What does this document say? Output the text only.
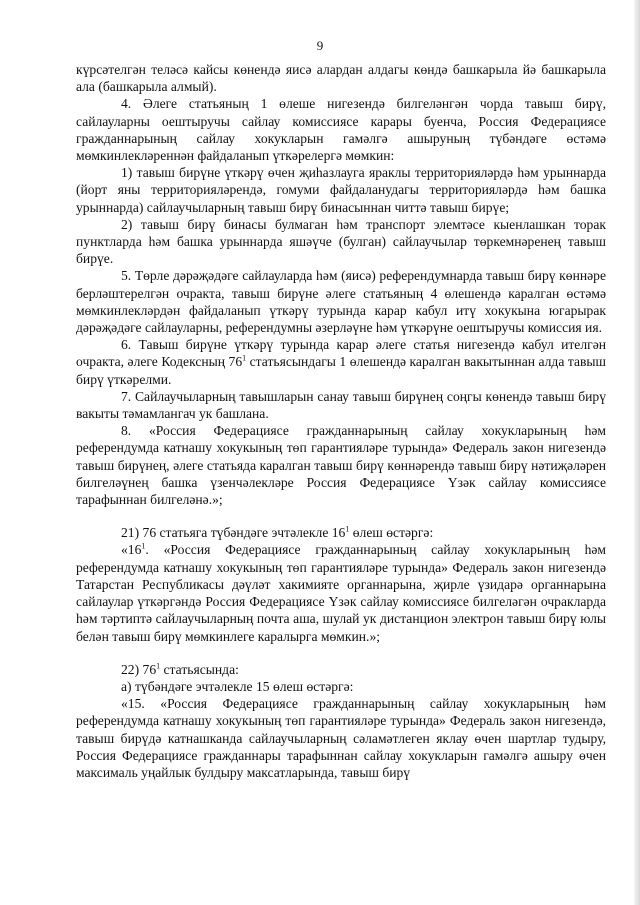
9

күрсәтелгән теләсә кайсы көнендә яисә алардан алдагы көндә башкарыла йә башкарыла ала (башкарыла алмый).

4. Әлеге статьяның 1 өлеше нигезендә билгеләнгән чорда тавыш бирү, сайлауларны оештыручы сайлау комиссиясе карары буенча, Россия Федерациясе гражданнарының сайлау хокукларын гамәлгә ашыруның түбәндәге өстәмә мөмкинлекләреннән файдаланып үткәрелергә мөмкин:

1) тавыш бирүне үткәрү өчен җиһазлауга яраклы территорияләрдә һәм урыннарда (йорт яны территорияләрендә, гомуми файдаланудагы территорияләрдә һәм башка урыннарда) сайлаучыларның тавыш бирү бинасыннан читтә тавыш бирүе;

2) тавыш бирү бинасы булмаган һәм транспорт элемтәсе кыенлашкан торак пунктларда һәм башка урыннарда яшәүче (булган) сайлаучылар төркемнәренең тавыш бирүе.

5. Төрле дәрәҗәдәге сайлауларда һәм (яисә) референдумнарда тавыш бирү көннәре берләштерелгән очракта, тавыш бирүне әлеге статьяның 4 өлешендә каралган өстәмә мөмкинлекләрдән файдаланып үткәрү турында карар кабул итү хокукына югарырак дәрәҗәдәге сайлауларны, референдумны әзерләүне һәм үткәрүне оештыручы комиссия ия.

6. Тавыш бирүне үткәрү турында карар әлеге статья нигезендә кабул ителгән очракта, әлеге Кодексның $76^1$ статьясындагы 1 өлешендә каралган вакытыннан алда тавыш бирү үткәрелми.

7. Сайлаучыларның тавышларын санау тавыш бирүнең соңгы көнендә тавыш бирү вакыты тәмамлангач ук башлана.

8. «Россия Федерациясе гражданнарының сайлау хокукларының һәм референдумда катнашу хокукының төп гарантияләре турында» Федераль закон нигезендә тавыш бирүнең, әлеге статьяда каралган тавыш бирү көннәрендә тавыш бирү нәтиҗәләрен билгеләүнең башка үзенчәлекләре Россия Федерациясе Үзәк сайлау комиссиясе тарафыннан билгеләнә.»;

21) 76 статьяга түбәндәге эчтәлекле $16^1$ өлеш өстәргә:

«$16^1$. «Россия Федерациясе гражданнарының сайлау хокукларының һәм референдумда катнашу хокукының төп гарантияләре турында» Федераль закон нигезендә Татарстан Республикасы дәүләт хакимияте органнарына, җирле үзидарә органнарына сайлаулар үткәргәндә Россия Федерациясе Үзәк сайлау комиссиясе билгеләгән очракларда һәм тәртиптә сайлаучыларның почта аша, шулай ук дистанцион электрон тавыш бирү юлы белән тавыш бирү мөмкинлеге каралырга мөмкин.»;

22) $76^1$ статьясында:

а) түбәндәге эчтәлекле 15 өлеш өстәргә:

«15. «Россия Федерациясе гражданнарының сайлау хокукларының һәм референдумда катнашу хокукының төп гарантияләре турында» Федераль закон нигезендә, тавыш бирүдә катнашканда сайлаучыларның сәламәтлеген яклау өчен шартлар тудыру, Россия Федерациясе гражданнары тарафыннан сайлау хокукларын гамәлгә ашыру өчен максималь уңайлык булдыру максатларында, тавыш бирү
